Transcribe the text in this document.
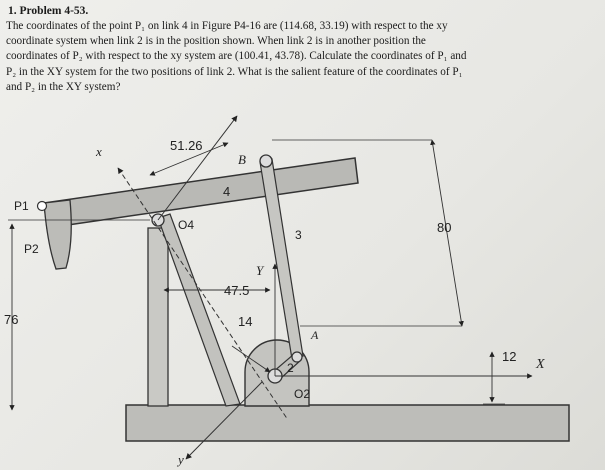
1. Problem 4-53.

The coordinates of the point P₁ on link 4 in Figure P4-16 are (114.68, 33.19) with respect to the xy

coordinate system when link 2 is in the position shown. When link 2 is in another position the

coordinates of P₂ with respect to the xy system are (100.41, 43.78). Calculate the coordinates of P₁ and

P₂ in the XY system for the two positions of link 2. What is the salient feature of the coordinates of P₁

and P₂ in the XY system?

x
y
51.26
B
4
P1
O4
3	80
P2
Y
47.5
76	14
A
12
X
2
O2
